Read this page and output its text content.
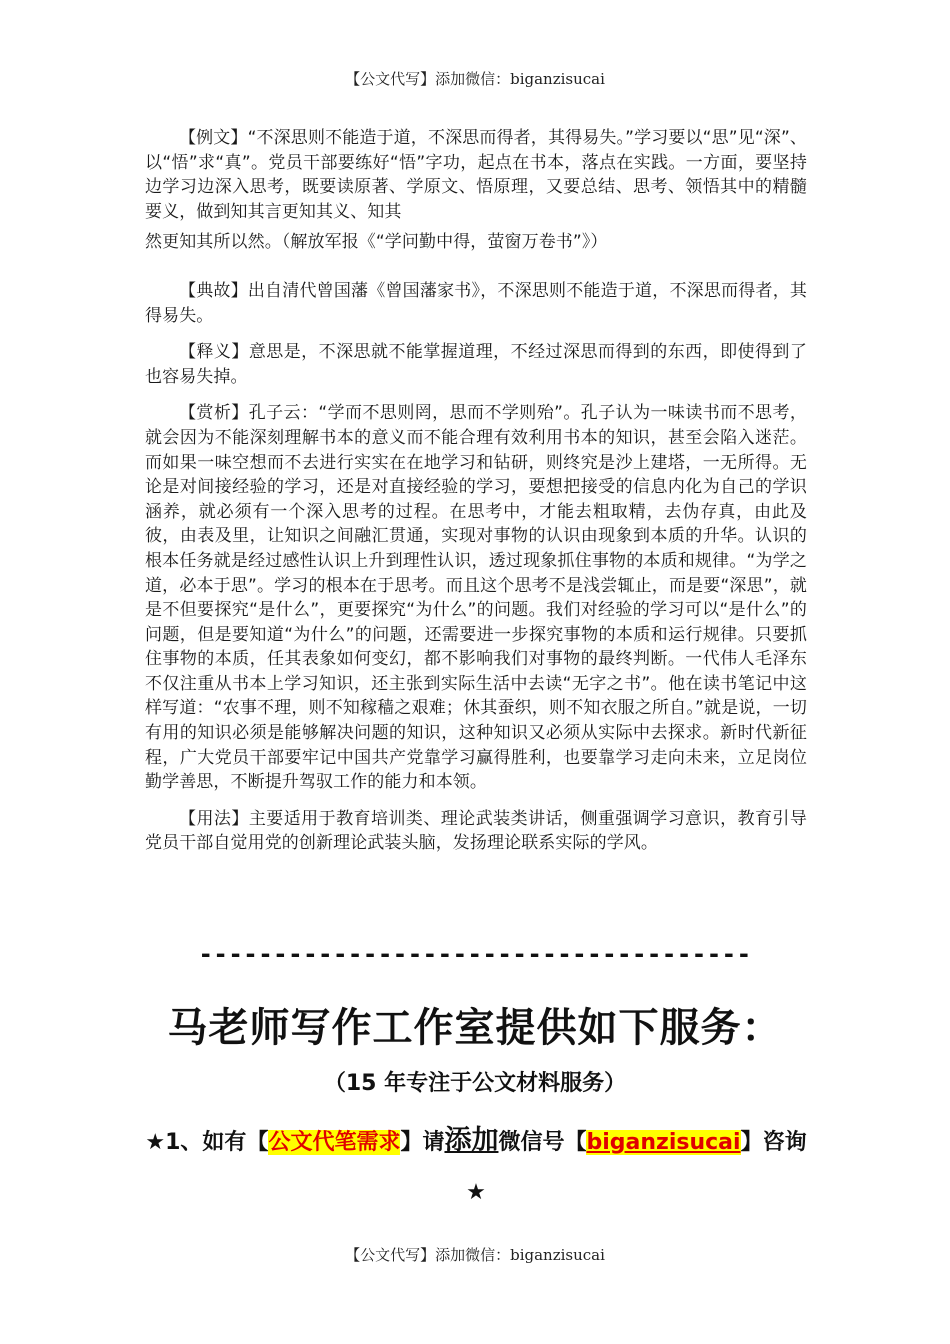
【公文代写】添加微信：biganzisucai

【例文】“不深思则不能造于道，不深思而得者，其得易失。”学习要以“思”见“深”、以“悟”求“真”。党员干部要练好“悟”字功，起点在书本，落点在实践。一方面，要坚持边学习边深入思考，既要读原著、学原文、悟原理，又要总结、思考、领悟其中的精髓要义，做到知其言更知其义、知其
然更知其所以然。（解放军报《“学问勤中得，萤窗万卷书”》）

【典故】出自清代曾国藩《曾国藩家书》，不深思则不能造于道，不深思而得者，其得易失。

【释义】意思是，不深思就不能掌握道理，不经过深思而得到的东西，即使得到了也容易失掉。

【赏析】孔子云：“学而不思则罔，思而不学则殆”。孔子认为一味读书而不思考，就会因为不能深刻理解书本的意义而不能合理有效利用书本的知识，甚至会陷入迷茫。而如果一味空想而不去进行实实在在地学习和钻研，则终究是沙上建塔，一无所得。无论是对间接经验的学习，还是对直接经验的学习，要想把接受的信息内化为自己的学识涵养，就必须有一个深入思考的过程。在思考中，才能去粗取精，去伪存真，由此及彼，由表及里，让知识之间融汇贯通，实现对事物的认识由现象到本质的升华。认识的根本任务就是经过感性认识上升到理性认识，透过现象抓住事物的本质和规律。“为学之道，必本于思”。学习的根本在于思考。而且这个思考不是浅尝辄止，而是要“深思”，就是不但要探究“是什么”，更要探究“为什么”的问题。我们对经验的学习可以“是什么”的问题，但是要知道“为什么”的问题，还需要进一步探究事物的本质和运行规律。只要抓住事物的本质，任其表象如何变幻，都不影响我们对事物的最终判断。一代伟人毛泽东不仅注重从书本上学习知识，还主张到实际生活中去读“无字之书”。他在读书笔记中这样写道：“农事不理，则不知稼穑之艰难；休其蚕织，则不知衣服之所自。”就是说，一切有用的知识必须是能够解决问题的知识，这种知识又必须从实际中去探求。新时代新征程，广大党员干部要牢记中国共产党靠学习赢得胜利，也要靠学习走向未来，立足岗位勤学善思，不断提升驾驭工作的能力和本领。

【用法】主要适用于教育培训类、理论武装类讲话，侧重强调学习意识，教育引导党员干部自觉用党的创新理论武装头脑，发扬理论联系实际的学风。

-------------------------------------
马老师写作工作室提供如下服务：
（15 年专注于公文材料服务）
★1、如有【公文代笔需求】请添加微信号【biganzisucai】咨询★
【公文代写】添加微信：biganzisucai
